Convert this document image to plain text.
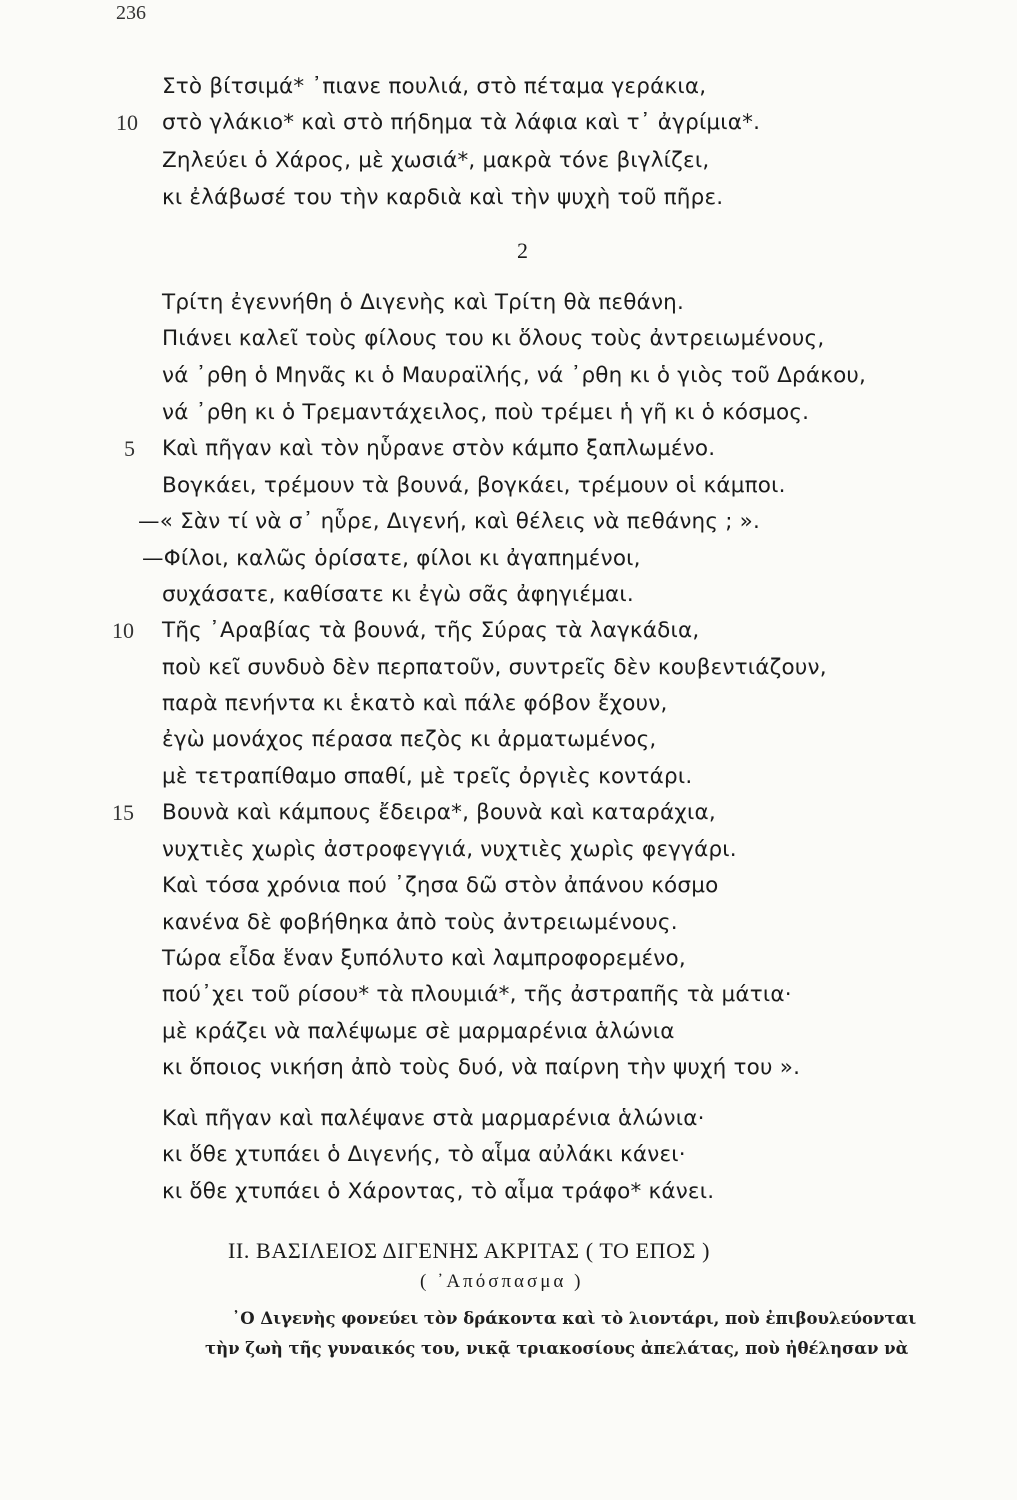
236
Στὸ βίτσιμά* ᾽πιανε πουλιά, στὸ πέταμα γεράκια,
10 στὸ γλάκιο* καὶ στὸ πήδημα τὰ λάφια καὶ τ᾽ ἀγρίμια*.
Ζηλεύει ὁ Χάρος, μὲ χωσιά*, μακρὰ τόνε βιγλίζει,
κι ἐλάβωσέ του τὴν καρδιὰ καὶ τὴν ψυχὴ τοῦ πῆρε.
2
Τρίτη ἐγεννήθη ὁ Διγενὴς καὶ Τρίτη θὰ πεθάνη.
Πιάνει καλεῖ τοὺς φίλους του κι ὅλους τοὺς ἀντρειωμένους,
νά ᾽ρθη ὁ Μηνᾶς κι ὁ Μαυραϊλής, νά ᾽ρθη κι ὁ γιὸς τοῦ Δράκου,
νά ᾽ρθη κι ὁ Τρεμαντάχειλος, ποὺ τρέμει ἡ γῆ κι ὁ κόσμος.
5 Καὶ πῆγαν καὶ τὸν ηὗρανε στὸν κάμπο ξαπλωμένο.
Βογκάει, τρέμουν τὰ βουνά, βογκάει, τρέμουν οἱ κάμποι.
—« Σὰν τί νὰ σ᾽ ηὗρε, Διγενή, καὶ θέλεις νὰ πεθάνης ; ».
—Φίλοι, καλῶς ὁρίσατε, φίλοι κι ἀγαπημένοι,
συχάσατε, καθίσατε κι ἐγὼ σᾶς ἀφηγιέμαι.
10 Τῆς ᾽Αραβίας τὰ βουνά, τῆς Σύρας τὰ λαγκάδια,
ποὺ κεῖ συνδυὸ δὲν περπατοῦν, συντρεῖς δὲν κουβεντιάζουν,
παρὰ πενήντα κι ἑκατὸ καὶ πάλε φόβον ἔχουν,
ἐγὼ μονάχος πέρασα πεζὸς κι ἀρματωμένος,
μὲ τετραπίθαμο σπαθί, μὲ τρεῖς ὀργιὲς κοντάρι.
15 Βουνὰ καὶ κάμπους ἔδειρα*, βουνὰ καὶ καταράχια,
νυχτιὲς χωρὶς ἀστροφεγγιά, νυχτιὲς χωρὶς φεγγάρι.
Καὶ τόσα χρόνια πού ᾽ζησα δῶ στὸν ἀπάνου κόσμο
κανένα δὲ φοβήθηκα ἀπὸ τοὺς ἀντρειωμένους.
Τώρα εἶδα ἕναν ξυπόλυτο καὶ λαμπροφορεμένο,
πού᾽χει τοῦ ρίσου* τὰ πλουμιά*, τῆς ἀστραπῆς τὰ μάτια·
μὲ κράζει νὰ παλέψωμε σὲ μαρμαρένια ἁλώνια
κι ὅποιος νικήση ἀπὸ τοὺς δυό, νὰ παίρνη τὴν ψυχή του ».
Καὶ πῆγαν καὶ παλέψανε στὰ μαρμαρένια ἁλώνια·
κι ὅθε χτυπάει ὁ Διγενής, τὸ αἷμα αὐλάκι κάνει·
κι ὅθε χτυπάει ὁ Χάροντας, τὸ αἷμα τράφο* κάνει.
ΙΙ. ΒΑΣΙΛΕΙΟΣ ΔΙΓΕΝΗΣ ΑΚΡΙΤΑΣ ( ΤΟ ΕΠΟΣ )
( ᾽Απόσπασμα )
᾽Ο Διγενὴς φονεύει τὸν δράκοντα καὶ τὸ λιοντάρι, ποὺ ἐπιβουλεύονται
τὴν ζωὴ τῆς γυναικός του, νικᾷ τριακοσίους ἀπελάτας, ποὺ ἠθέλησαν νὰ
